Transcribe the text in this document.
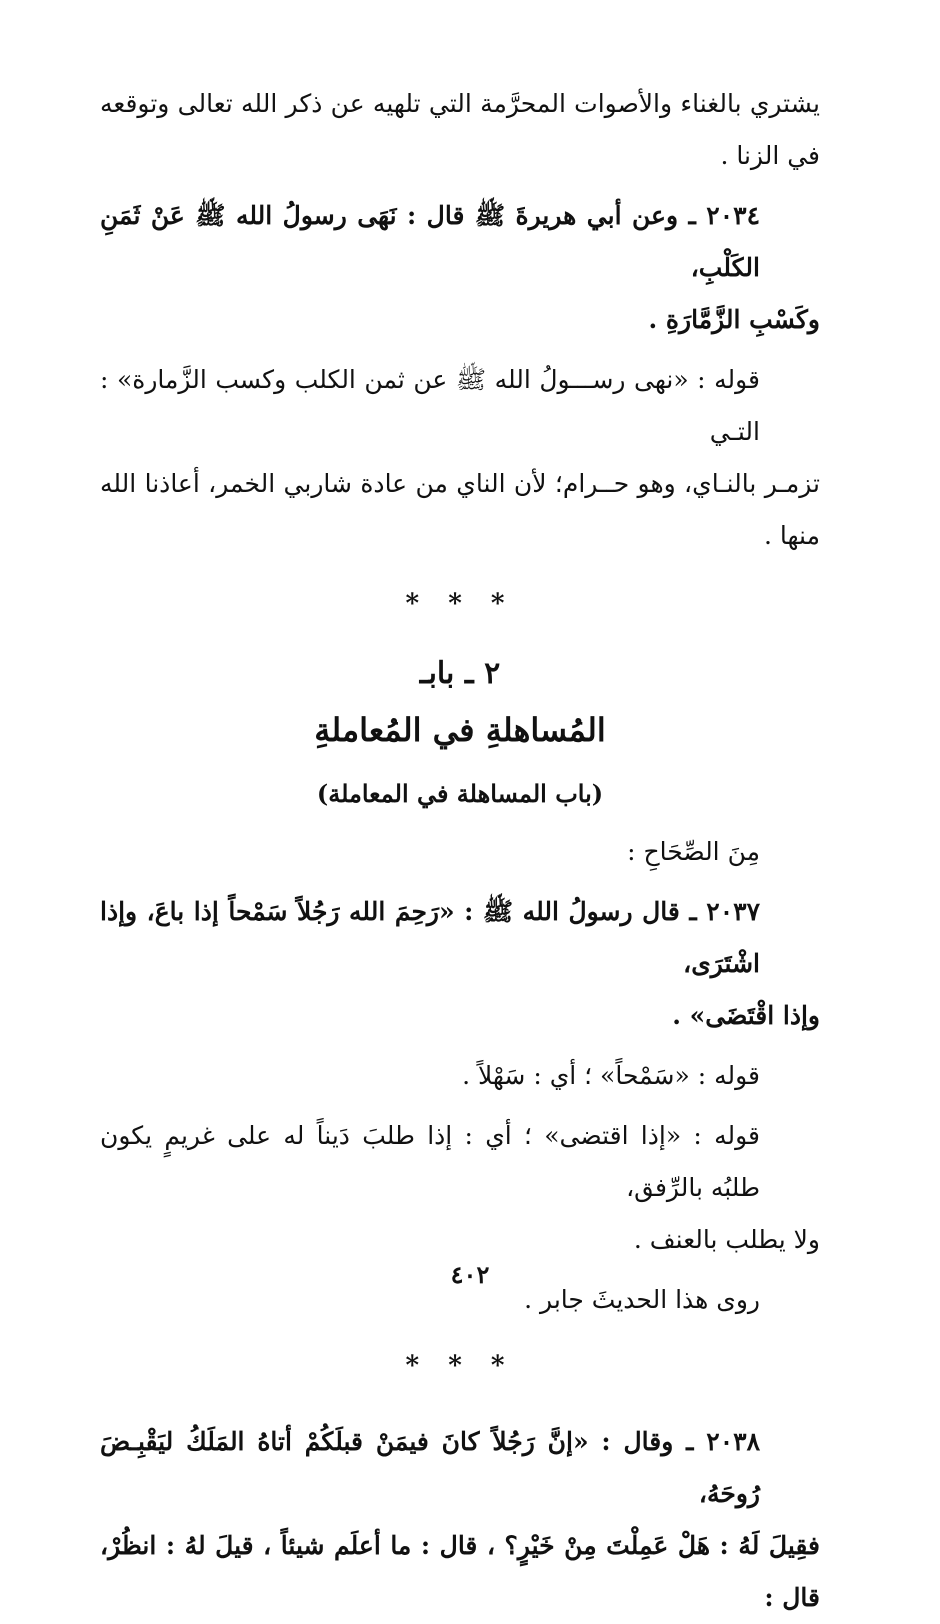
يشتري بالغناء والأصوات المحرَّمة التي تلهيه عن ذكر الله تعالى وتوقعه في الزنا .

٢٠٣٤ ـ وعن أبي هريرةَ ﷺ قال : نَهَى رسولُ الله ﷺ عَنْ ثَمَنِ الكَلْبِ،

وكَسْبِ الزَّمَّارَةِ .

قوله : «نهى رســـولُ الله ﷺ عن ثمن الكلب وكسب الزَّمارة» : التـي

تزمـر بالنـاي، وهو حــرام؛ لأن الناي من عادة شاربي الخمر، أعاذنا الله منها .

* * *
٢ ـ بابـ
المُساهلةِ في المُعاملةِ
(باب المساهلة في المعاملة)

مِنَ الصِّحَاحِ :

٢٠٣٧ ـ قال رسولُ الله ﷺ : «رَحِمَ الله رَجُلاً سَمْحاً إذا باعَ، وإذا اشْتَرَى،

وإذا اقْتَضَى» .

قوله : «سَمْحاً» ؛ أي : سَهْلاً .

قوله : «إذا اقتضى» ؛ أي : إذا طلبَ دَيناً له على غريمٍ يكون طلبُه بالرِّفق،

ولا يطلب بالعنف .

روى هذا الحديثَ جابر .

* * *

٢٠٣٨ ـ وقال : «إنَّ رَجُلاً كانَ فيمَنْ قبلَكُمْ أتاهُ المَلَكُ ليَقْبِـضَ رُوحَهُ،

فقِيلَ لَهُ : هَلْ عَمِلْتَ مِنْ خَيْرٍ؟ ، قال : ما أعلَم شيئاً ، قيلَ لهُ : انظُرْ، قال :

٤٠٢
